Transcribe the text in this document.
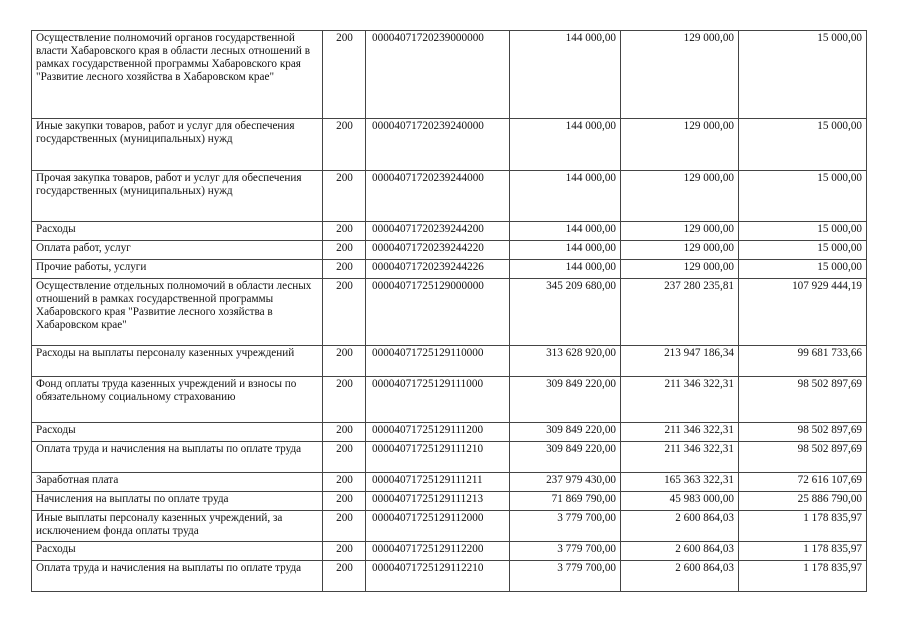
Осуществление полномочий органов государственной власти Хабаровского края в области лесных отношений в рамках государственной программы Хабаровского края "Развитие лесного хозяйства в Хабаровском крае"	200	00004071720239000000	144 000,00	129 000,00	15 000,00
Иные закупки товаров, работ и услуг для обеспечения государственных (муниципальных) нужд	200	00004071720239240000	144 000,00	129 000,00	15 000,00
Прочая закупка товаров, работ и услуг для обеспечения государственных (муниципальных) нужд	200	00004071720239244000	144 000,00	129 000,00	15 000,00
Расходы	200	00004071720239244200	144 000,00	129 000,00	15 000,00
Оплата работ, услуг	200	00004071720239244220	144 000,00	129 000,00	15 000,00
Прочие работы, услуги	200	00004071720239244226	144 000,00	129 000,00	15 000,00
Осуществление отдельных полномочий в области лесных отношений в рамках государственной программы Хабаровского края "Развитие лесного хозяйства в Хабаровском крае"	200	00004071725129000000	345 209 680,00	237 280 235,81	107 929 444,19
Расходы на выплаты персоналу казенных учреждений	200	00004071725129110000	313 628 920,00	213 947 186,34	99 681 733,66
Фонд оплаты труда казенных учреждений и взносы по обязательному социальному страхованию	200	00004071725129111000	309 849 220,00	211 346 322,31	98 502 897,69
Расходы	200	00004071725129111200	309 849 220,00	211 346 322,31	98 502 897,69
Оплата труда и начисления на выплаты по оплате труда	200	00004071725129111210	309 849 220,00	211 346 322,31	98 502 897,69
Заработная плата	200	00004071725129111211	237 979 430,00	165 363 322,31	72 616 107,69
Начисления на выплаты по оплате труда	200	00004071725129111213	71 869 790,00	45 983 000,00	25 886 790,00
Иные выплаты персоналу казенных учреждений, за исключением фонда оплаты труда	200	00004071725129112000	3 779 700,00	2 600 864,03	1 178 835,97
Расходы	200	00004071725129112200	3 779 700,00	2 600 864,03	1 178 835,97
Оплата труда и начисления на выплаты по оплате труда	200	00004071725129112210	3 779 700,00	2 600 864,03	1 178 835,97
